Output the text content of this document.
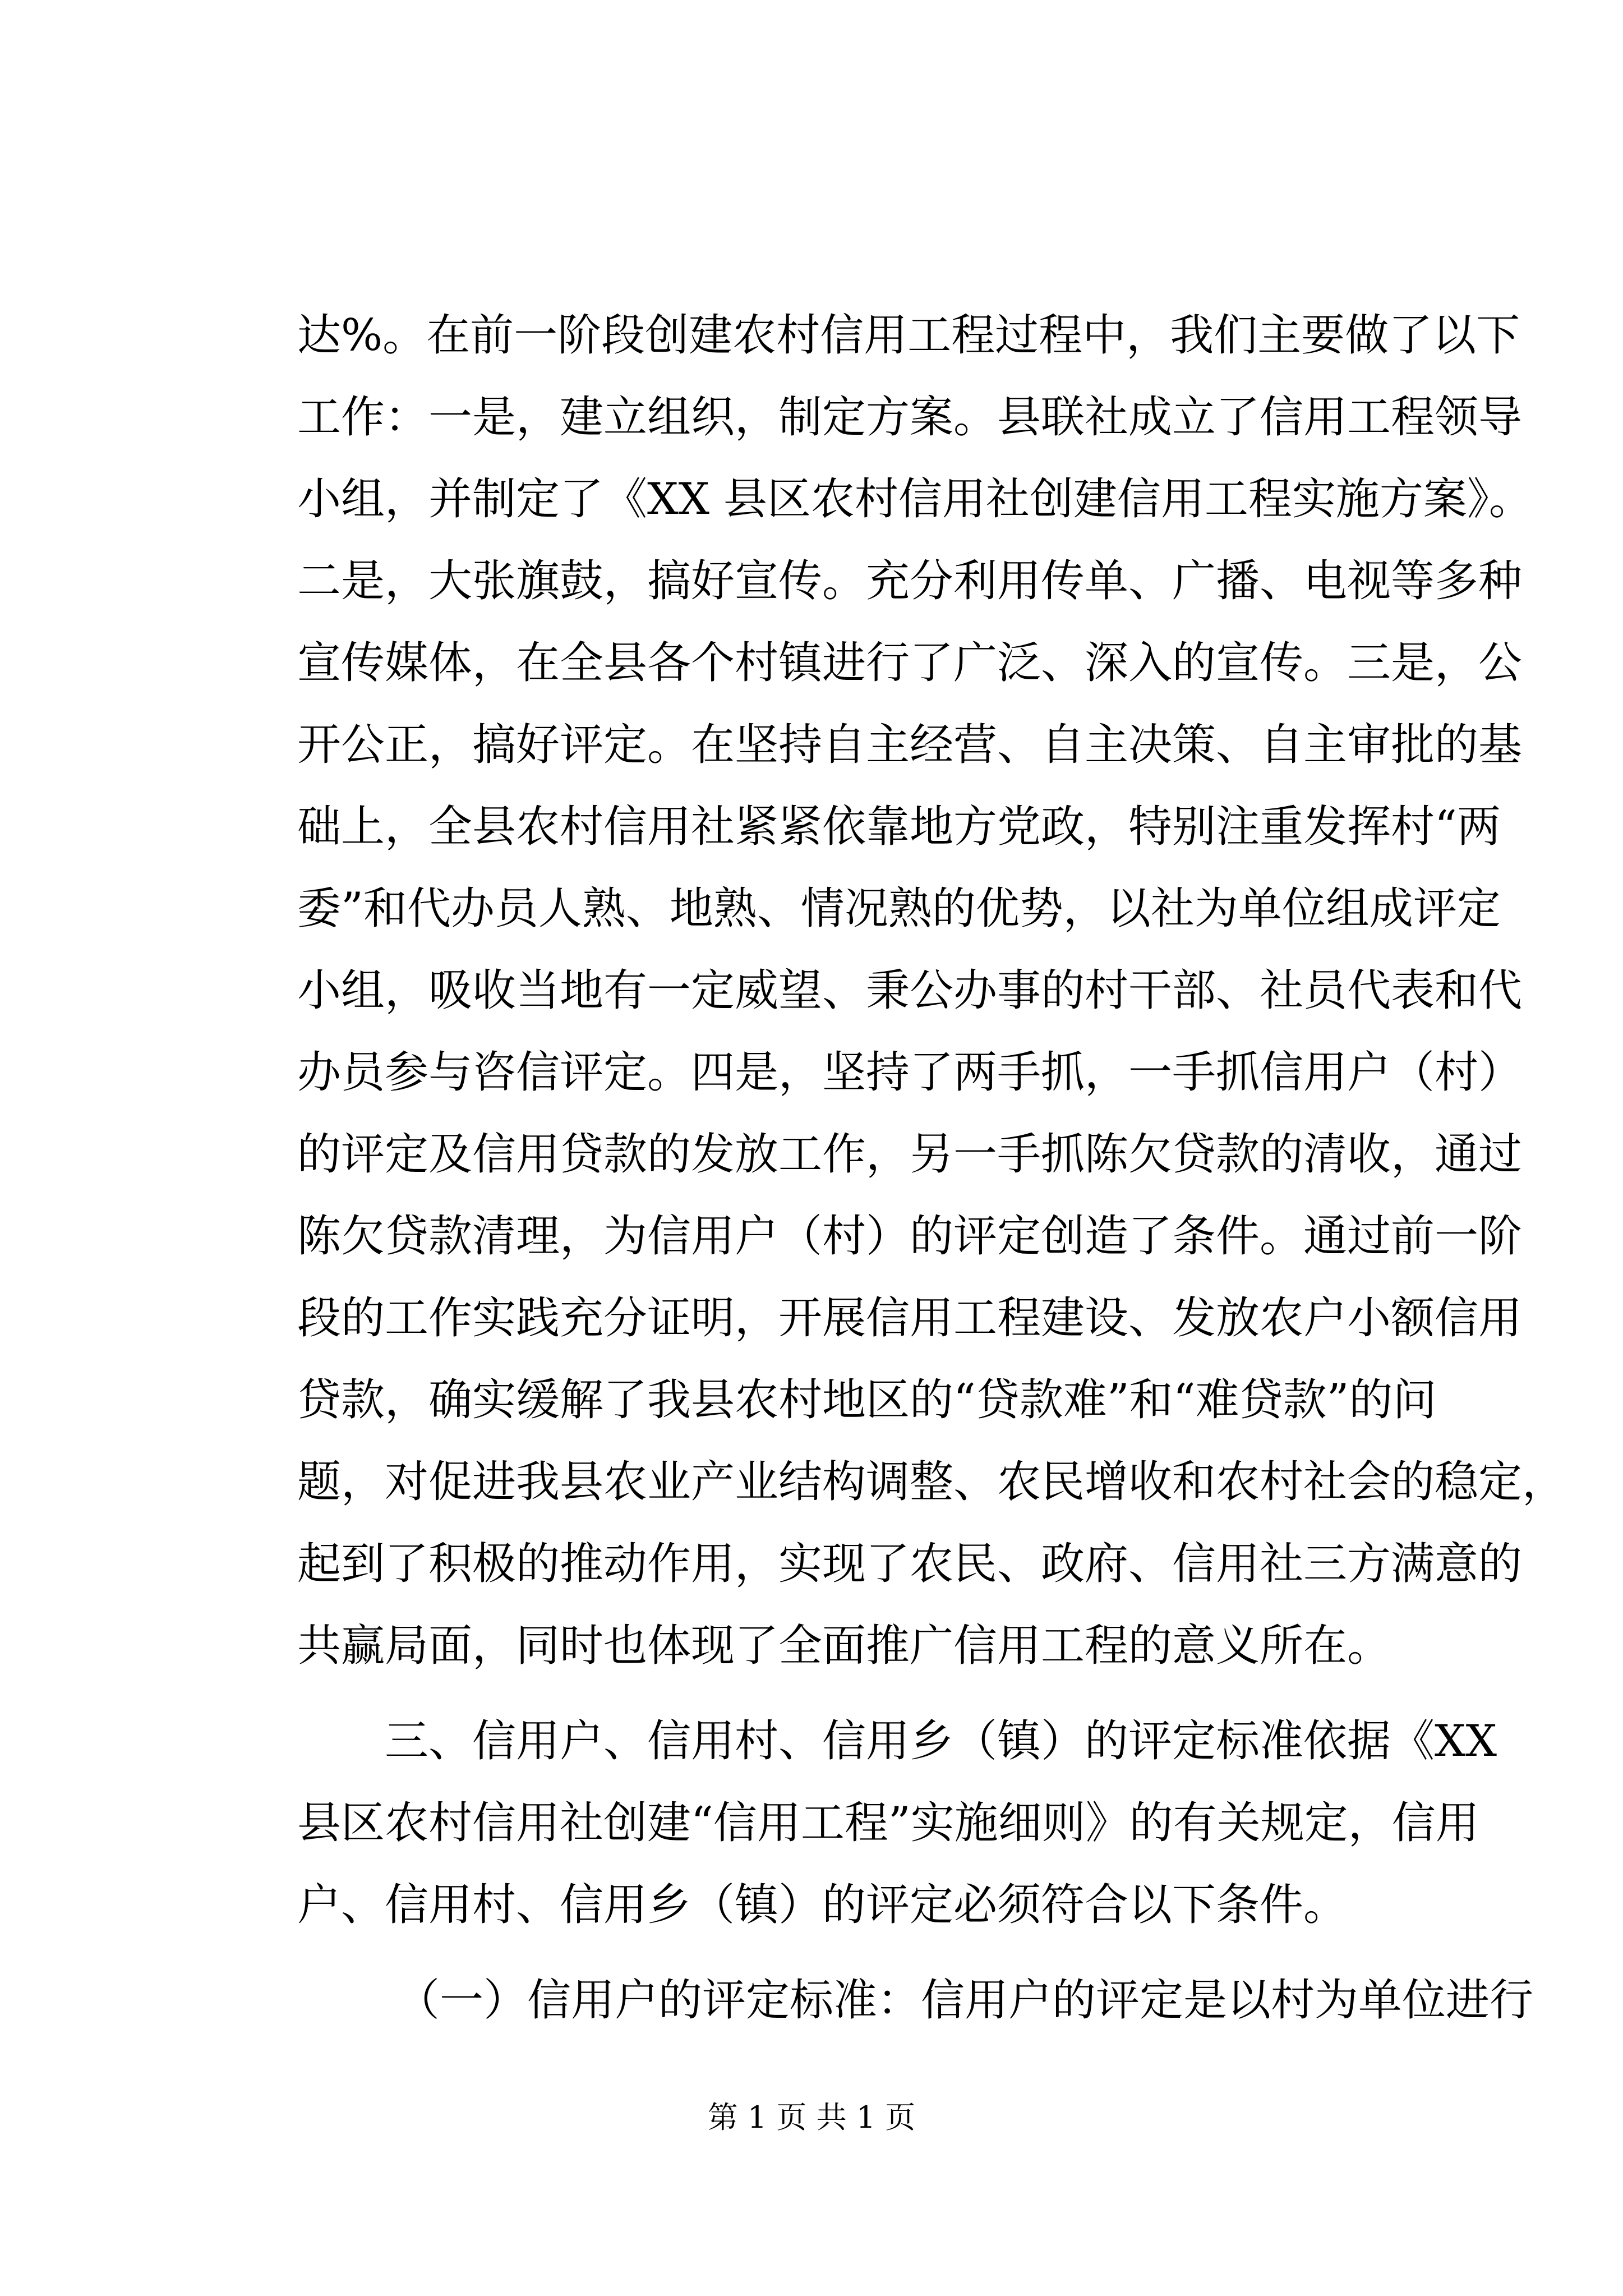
达%。在前一阶段创建农村信用工程过程中，我们主要做了以下
工作：一是，建立组织，制定方案。县联社成立了信用工程领导
小组，并制定了《XX 县区农村信用社创建信用工程实施方案》。
二是，大张旗鼓，搞好宣传。充分利用传单、广播、电视等多种
宣传媒体，在全县各个村镇进行了广泛、深入的宣传。三是，公
开公正，搞好评定。在坚持自主经营、自主决策、自主审批的基
础上，全县农村信用社紧紧依靠地方党政，特别注重发挥村“两
委”和代办员人熟、地熟、情况熟的优势，以社为单位组成评定
小组，吸收当地有一定威望、秉公办事的村干部、社员代表和代
办员参与咨信评定。四是，坚持了两手抓，一手抓信用户（村）
的评定及信用贷款的发放工作，另一手抓陈欠贷款的清收，通过
陈欠贷款清理，为信用户（村）的评定创造了条件。通过前一阶
段的工作实践充分证明，开展信用工程建设、发放农户小额信用
贷款，确实缓解了我县农村地区的“贷款难”和“难贷款”的问
题，对促进我县农业产业结构调整、农民增收和农村社会的稳定，
起到了积极的推动作用，实现了农民、政府、信用社三方满意的
共赢局面，同时也体现了全面推广信用工程的意义所在。
三、信用户、信用村、信用乡（镇）的评定标准依据《XX
县区农村信用社创建“信用工程”实施细则》的有关规定，信用
户、信用村、信用乡（镇）的评定必须符合以下条件。
（一）信用户的评定标准：信用户的评定是以村为单位进行
第 1 页 共 1 页
